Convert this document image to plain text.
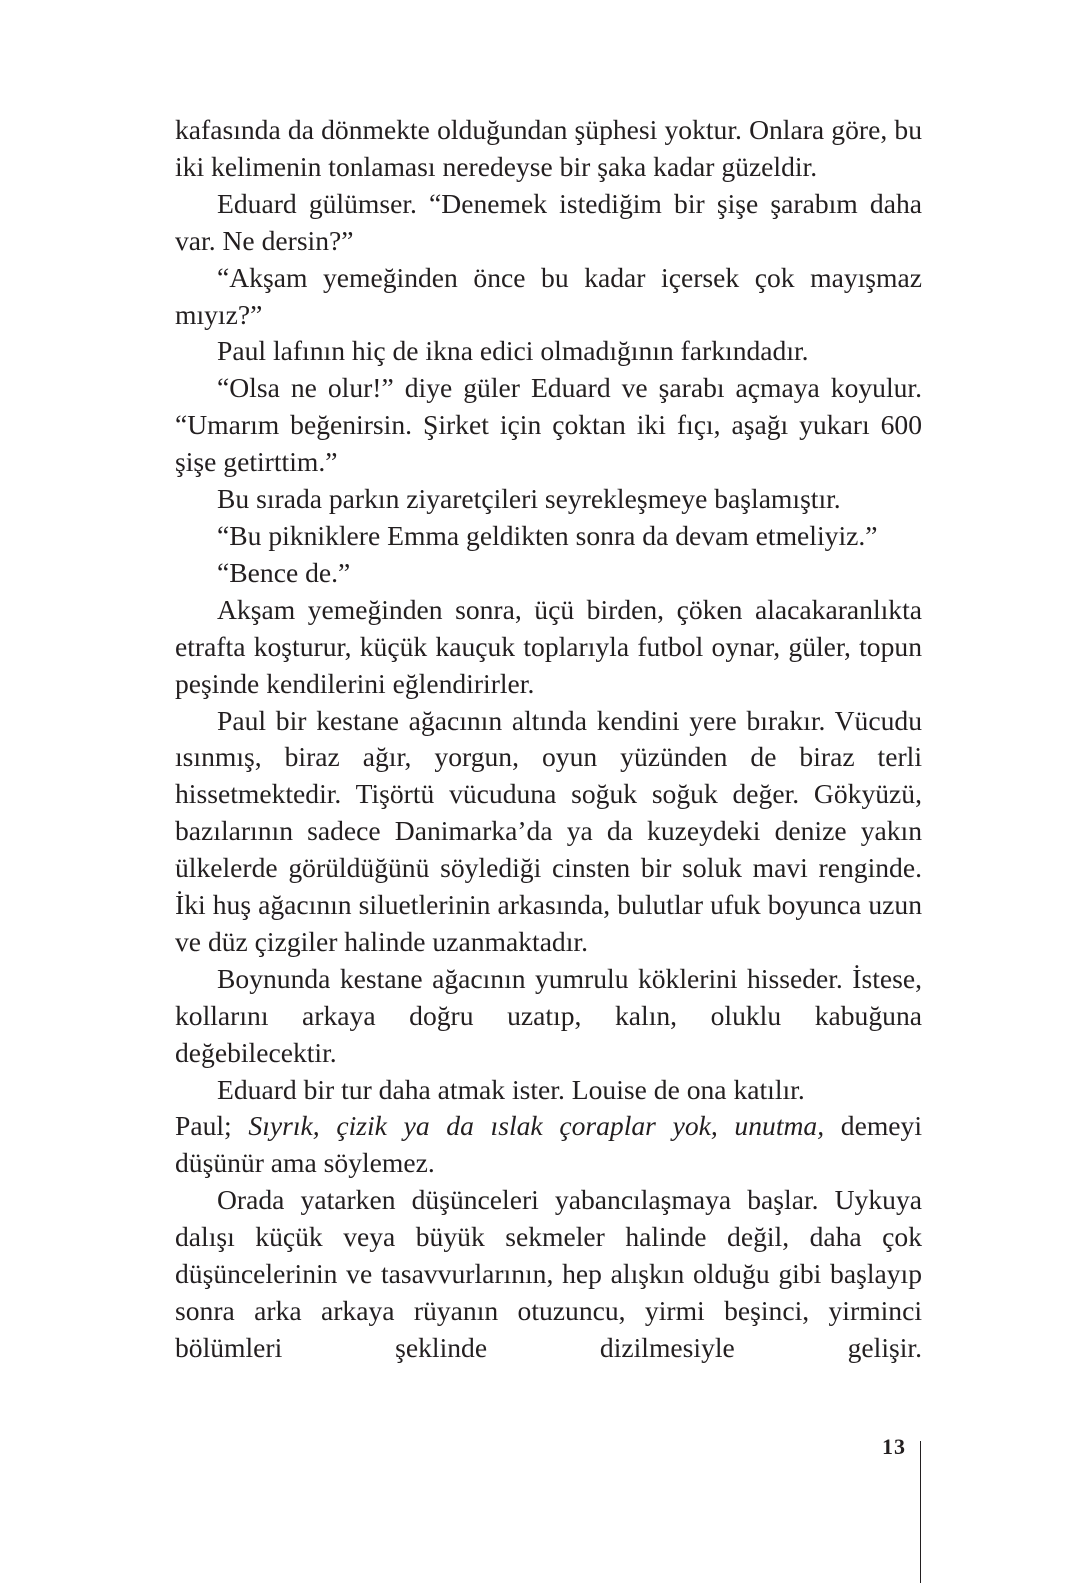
kafasında da dönmekte olduğundan şüphesi yoktur. Onlara göre, bu iki kelimenin tonlaması neredeyse bir şaka kadar güzeldir.

Eduard gülümser. “Denemek istediğim bir şişe şarabım daha var. Ne dersin?”

“Akşam yemeğinden önce bu kadar içersek çok mayışmaz mıyız?”

Paul lafının hiç de ikna edici olmadığının farkındadır.

“Olsa ne olur!” diye güler Eduard ve şarabı açmaya koyulur. “Umarım beğenirsin. Şirket için çoktan iki fıçı, aşağı yukarı 600 şişe getirttim.”

Bu sırada parkın ziyaretçileri seyrekleşmeye başlamıştır.

“Bu pikniklere Emma geldikten sonra da devam etmeliyiz.”

“Bence de.”

Akşam yemeğinden sonra, üçü birden, çöken alacakaranlıkta etrafta koşturur, küçük kauçuk toplarıyla futbol oynar, güler, topun peşinde kendilerini eğlendirirler.

Paul bir kestane ağacının altında kendini yere bırakır. Vücudu ısınmış, biraz ağır, yorgun, oyun yüzünden de biraz terli hissetmektedir. Tişörtü vücuduna soğuk soğuk değer. Gökyüzü, bazılarının sadece Danimarka’da ya da kuzeydeki denize yakın ülkelerde görüldüğünü söylediği cinsten bir soluk mavi renginde. İki huş ağacının siluetlerinin arkasında, bulutlar ufuk boyunca uzun ve düz çizgiler halinde uzanmaktadır.

Boynunda kestane ağacının yumrulu köklerini hisseder. İstese, kollarını arkaya doğru uzatıp, kalın, oluklu kabuğuna değebilecektir.

Eduard bir tur daha atmak ister. Louise de ona katılır.

Paul; Sıyrık, çizik ya da ıslak çoraplar yok, unutma, demeyi düşünür ama söylemez.

Orada yatarken düşünceleri yabancılaşmaya başlar. Uykuya dalışı küçük veya büyük sekmeler halinde değil, daha çok düşüncelerinin ve tasavvurlarının, hep alışkın olduğu gibi başlayıp sonra arka arkaya rüyanın otuzuncu, yirmi beşinci, yirminci bölümleri şeklinde dizilmesiyle gelişir.

13
